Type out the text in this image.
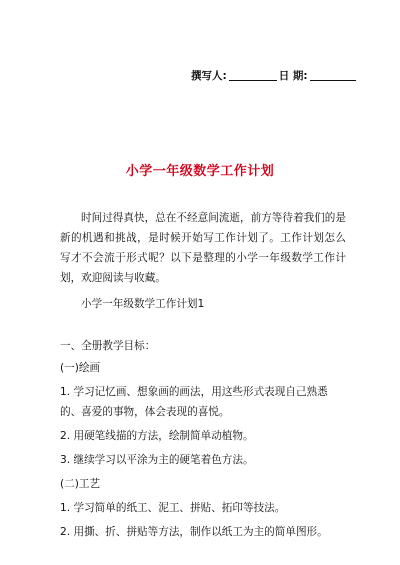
撰写人:	日 期:
小学一年级数学工作计划

时间过得真快，总在不经意间流逝，前方等待着我们的是新的机遇和挑战，是时候开始写工作计划了。工作计划怎么写才不会流于形式呢？以下是整理的小学一年级数学工作计划，欢迎阅读与收藏。

小学一年级数学工作计划1

一、全册教学目标：

(一)绘画

1. 学习记忆画、想象画的画法，用这些形式表现自己熟悉的、喜爱的事物，体会表现的喜悦。

2. 用硬笔线描的方法，绘制简单动植物。

3. 继续学习以平涂为主的硬笔着色方法。

(二)工艺

1. 学习简单的纸工、泥工、拼贴、拓印等技法。

2. 用撕、折、拼贴等方法，制作以纸工为主的简单图形。
